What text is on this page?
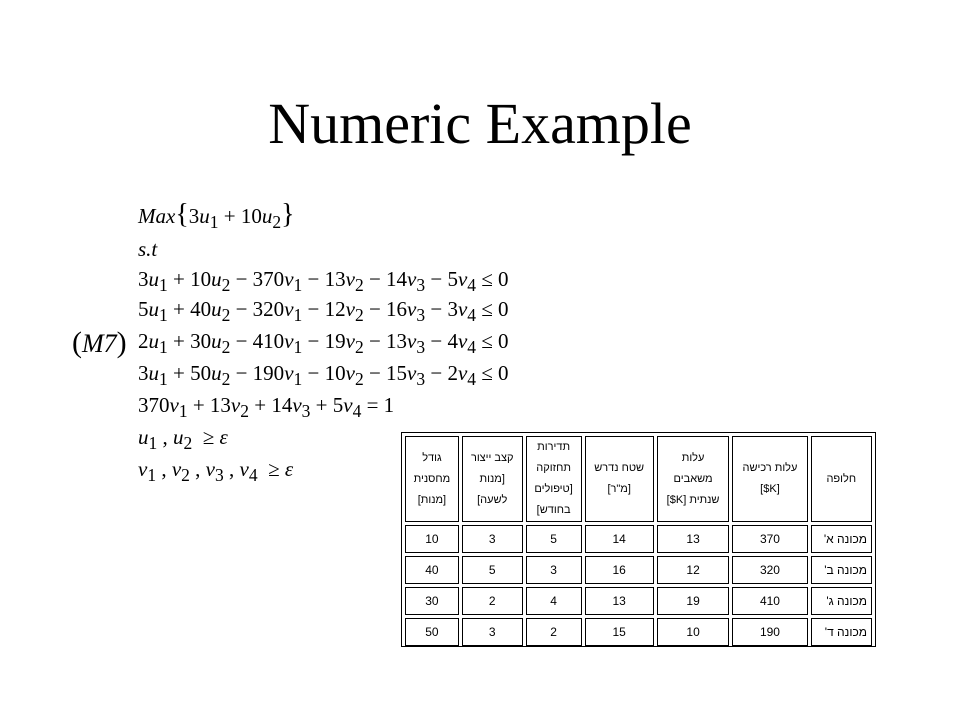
Numeric Example
(M7)
$Max\{3u_1 + 10u_2\}$
s.t
$3u_1 + 10u_2 - 370v_1 - 13v_2 - 14v_3 - 5v_4 \le 0$
$5u_1 + 40u_2 - 320v_1 - 12v_2 - 16v_3 - 3v_4 \le 0$
$2u_1 + 30u_2 - 410v_1 - 19v_2 - 13v_3 - 4v_4 \le 0$
$3u_1 + 50u_2 - 190v_1 - 10v_2 - 15v_3 - 2v_4 \le 0$
$370v_1 + 13v_2 + 14v_3 + 5v_4 = 1$
$u_1$ , $u_2 \ge \varepsilon$
$v_1$ , $v_2$ , $v_3$ , $v_4 \ge \varepsilon$	גודל
מחסנית
[מנות]	קצב ייצור
[מנות
לשעה]	תדירות
תחזוקה
[טיפולים
בחודש]	שטח נדרש
[מ"ר]	עלות
משאבים
שנתית [K$]	עלות רכישה
[K$]	חלופה

10	3	5	14	13	370	מכונה א'
40	5	3	16	12	320	מכונה ב'
30	2	4	13	19	410	מכונה ג'
50	3	2	15	10	190	מכונה ד'
